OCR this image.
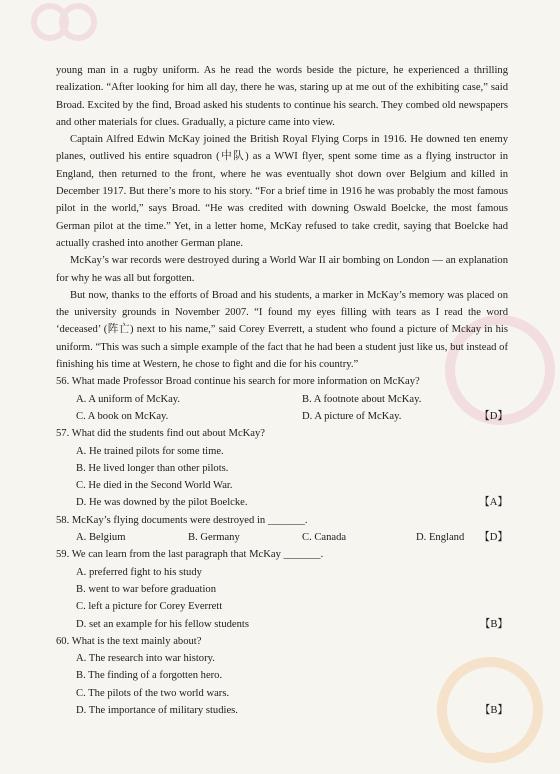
young man in a rugby uniform. As he read the words beside the picture, he experienced a thrilling realization. “After looking for him all day, there he was, staring up at me out of the exhibiting case,” said Broad. Excited by the find, Broad asked his students to continue his search. They combed old newspapers and other materials for clues. Gradually, a picture came into view.

Captain Alfred Edwin McKay joined the British Royal Flying Corps in 1916. He downed ten enemy planes, outlived his entire squadron (中队) as a WWI flyer, spent some time as a flying instructor in England, then returned to the front, where he was eventually shot down over Belgium and killed in December 1917. But there’s more to his story. “For a brief time in 1916 he was probably the most famous pilot in the world,” says Broad. “He was credited with downing Oswald Boelcke, the most famous German pilot at the time.” Yet, in a letter home, McKay refused to take credit, saying that Boelcke had actually crashed into another German plane.

McKay’s war records were destroyed during a World War II air bombing on London — an explanation for why he was all but forgotten.

But now, thanks to the efforts of Broad and his students, a marker in McKay’s memory was placed on the university grounds in November 2007. “I found my eyes filling with tears as I read the word ‘deceased’ (阵亡) next to his name,” said Corey Everrett, a student who found a picture of Mckay in his uniform. “This was such a simple example of the fact that he had been a student just like us, but instead of finishing his time at Western, he chose to fight and die for his country.”

56. What made Professor Broad continue his search for more information on McKay?
A. A uniform of McKay.	B. A footnote about McKay.
C. A book on McKay.	D. A picture of McKay.	【D】
57. What did the students find out about McKay?
A. He trained pilots for some time.
B. He lived longer than other pilots.
C. He died in the Second World War.
D. He was downed by the pilot Boelcke.	【A】
58. McKay’s flying documents were destroyed in _______.
A. Belgium	B. Germany	C. Canada	D. England 【D】
59. We can learn from the last paragraph that McKay _______.
A. preferred fight to his study
B. went to war before graduation
C. left a picture for Corey Everrett
D. set an example for his fellow students	【B】
60. What is the text mainly about?
A. The research into war history.
B. The finding of a forgotten hero.
C. The pilots of the two world wars.
D. The importance of military studies.	【B】
